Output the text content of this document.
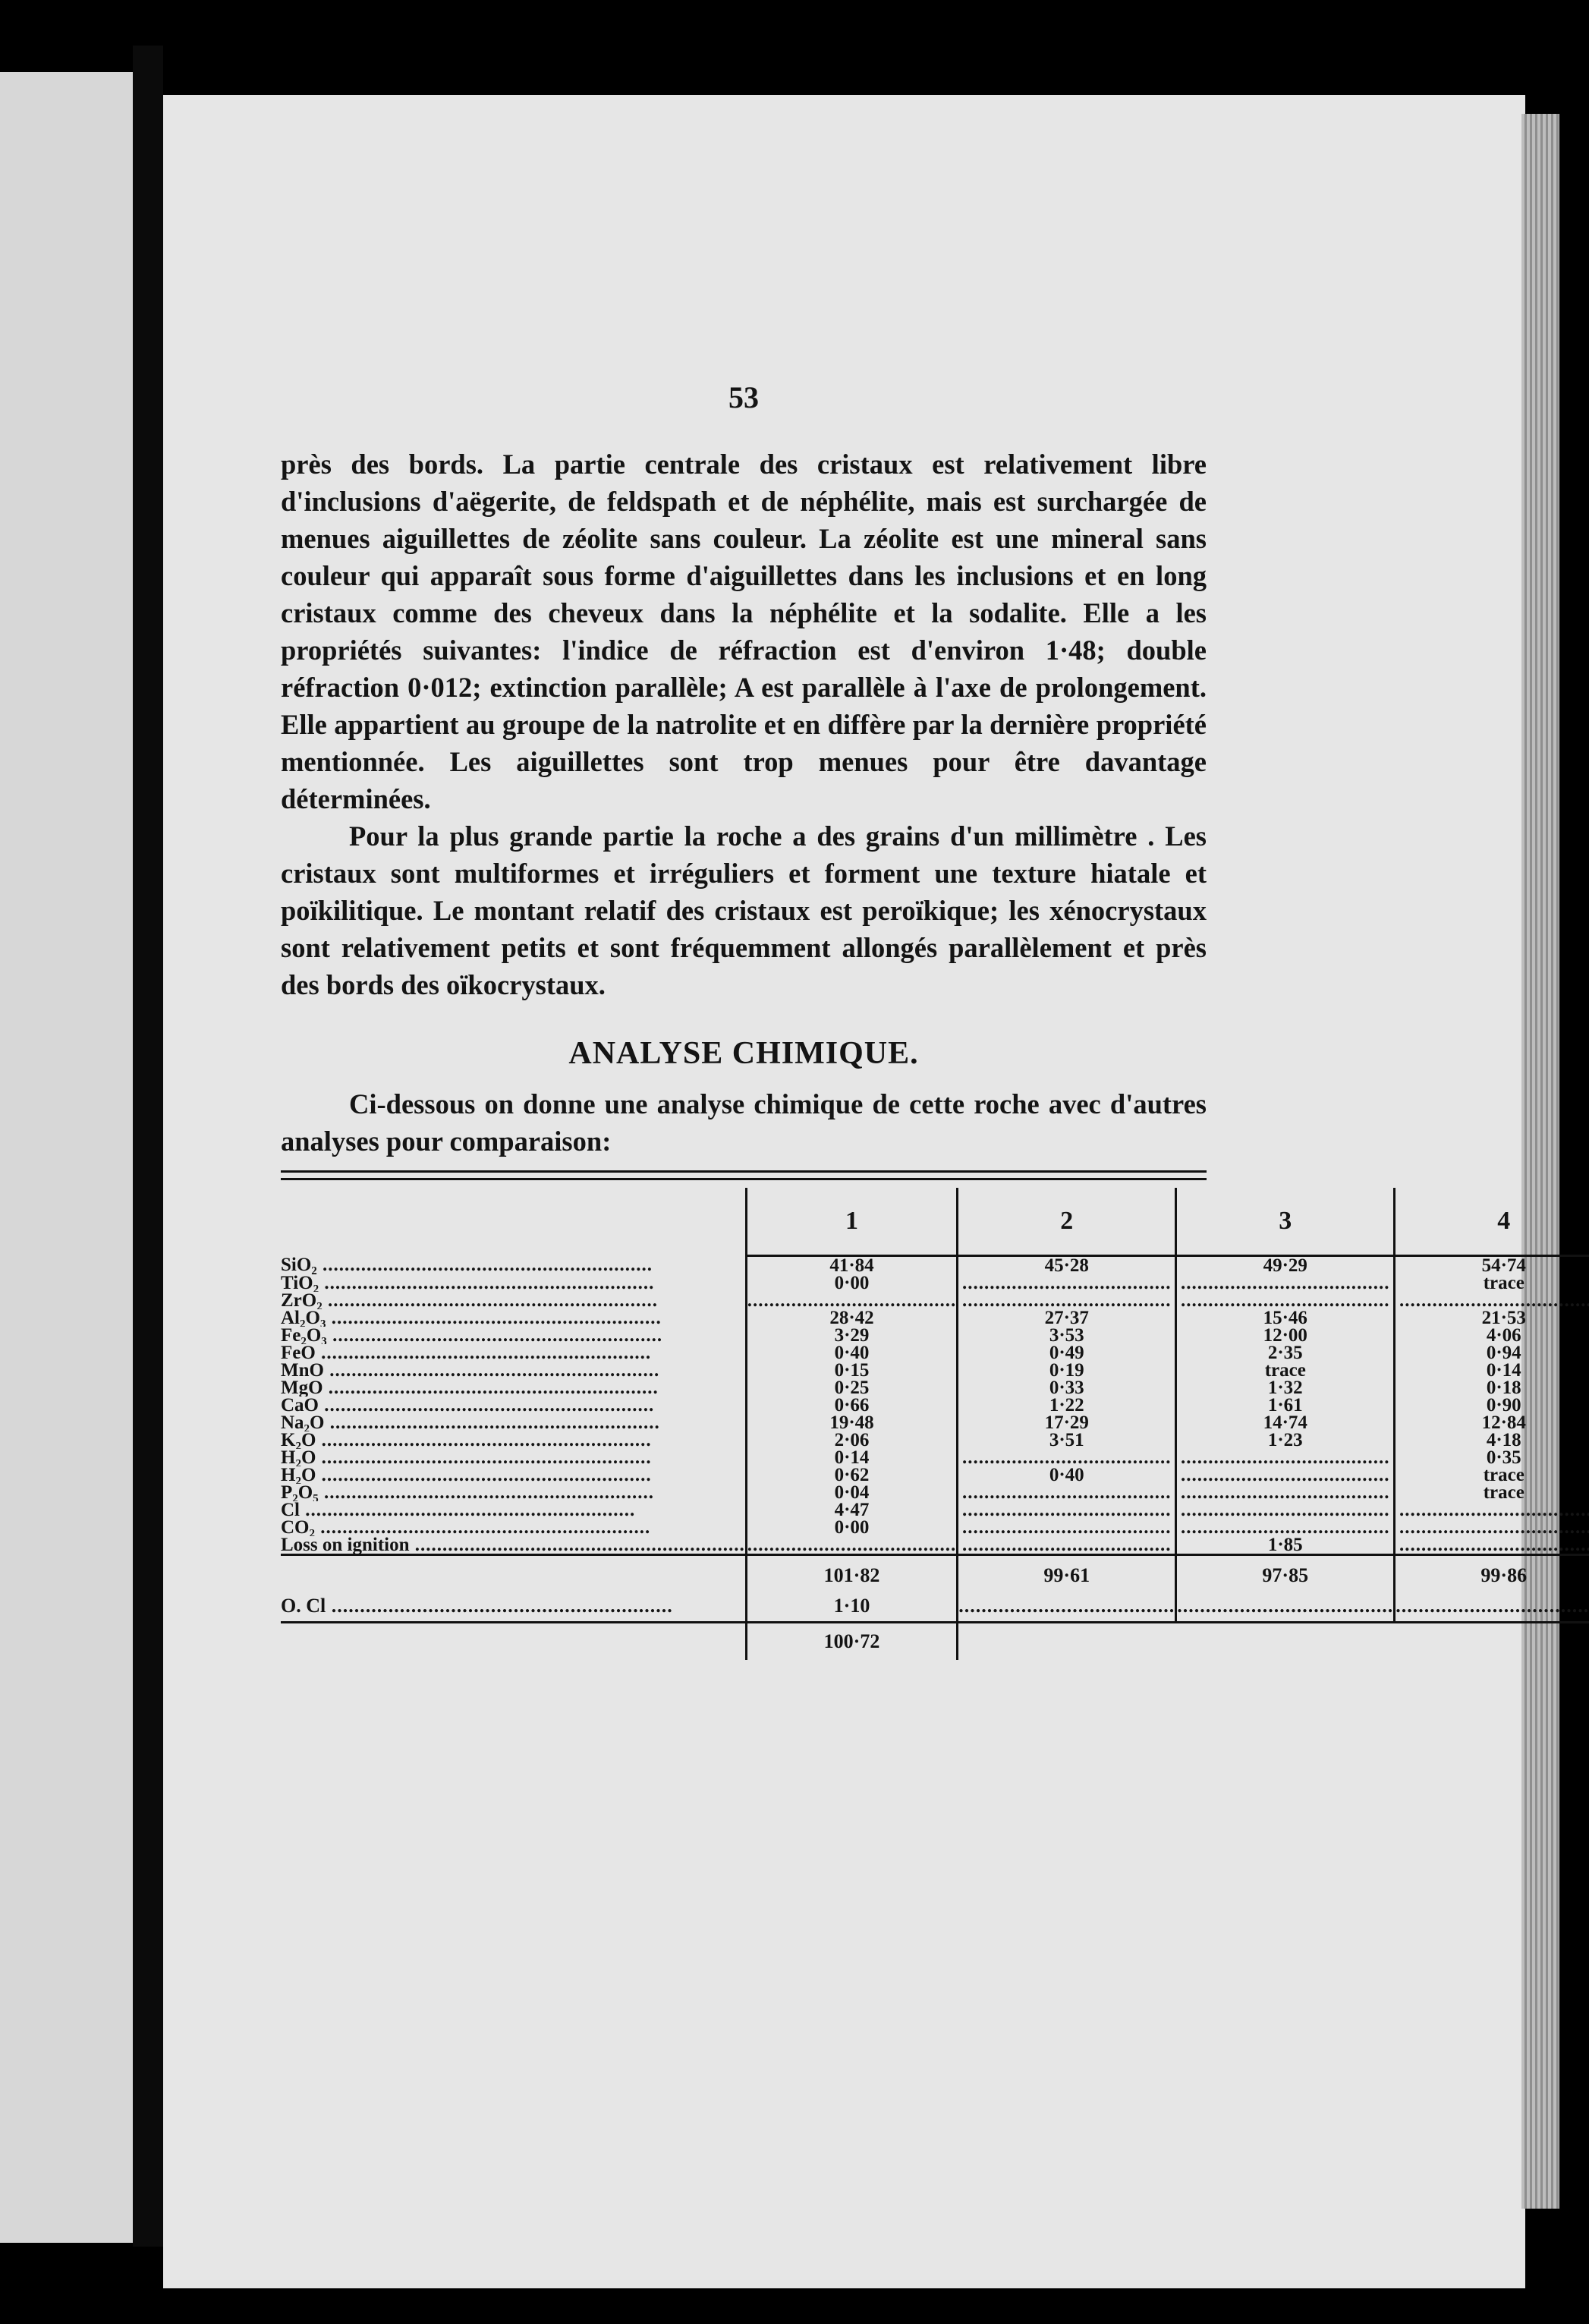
53

près des bords. La partie centrale des cristaux est relativement libre d'inclusions d'aëgerite, de feldspath et de néphélite, mais est surchargée de menues aiguillettes de zéolite sans couleur. La zéolite est une mineral sans couleur qui apparaît sous forme d'aiguillettes dans les inclusions et en long cristaux comme des cheveux dans la néphélite et la sodalite. Elle a les propriétés suivantes: l'indice de réfraction est d'environ 1·48; double réfraction 0·012; extinction parallèle; A est parallèle à l'axe de prolongement. Elle appartient au groupe de la natrolite et en diffère par la dernière propriété mentionnée. Les aiguillettes sont trop menues pour être davantage déterminées.

Pour la plus grande partie la roche a des grains d'un millimètre . Les cristaux sont multiformes et irréguliers et forment une texture hiatale et poïkilitique. Le montant relatif des cristaux est peroïkique; les xénocrystaux sont relativement petits et sont fréquemment allongés parallèlement et près des bords des oïkocrystaux.

ANALYSE CHIMIQUE.

Ci-dessous on donne une analyse chimique de cette roche avec d'autres analyses pour comparaison:

	1	2	3	4
SiO₂ .....	41·84	45·28	49·29	54·74
TiO₂ .....	0·00	.....	.....	trace
ZrO₂ .....	.....	.....	.....	.....
Al₂O₃ .....	28·42	27·37	15·46	21·53
Fe₂O₃ .....	3·29	3·53	12·00	4·06
FeO .....	0·40	0·49	2·35	0·94
MnO .....	0·15	0·19	trace	0·14
MgO .....	0·25	0·33	1·32	0·18
CaO .....	0·66	1·22	1·61	0·90
Na₂O .....	19·48	17·29	14·74	12·84
K₂O .....	2·06	3·51	1·23	4·18
H₂O .....	0·14	.....	.....	0·35
H₂O .....	0·62	0·40	.....	trace
P₂O₅ .....	0·04	.....	.....	trace
Cl .....	4·47	.....	.....	.....
CO₂ .....	0·00	.....	.....	.....
Loss on ignition .....	.....	.....	1·85	.....
	101·82	99·61	97·85	99·86
O. Cl .....	1·10	.....	.....	.....
	100·72			
